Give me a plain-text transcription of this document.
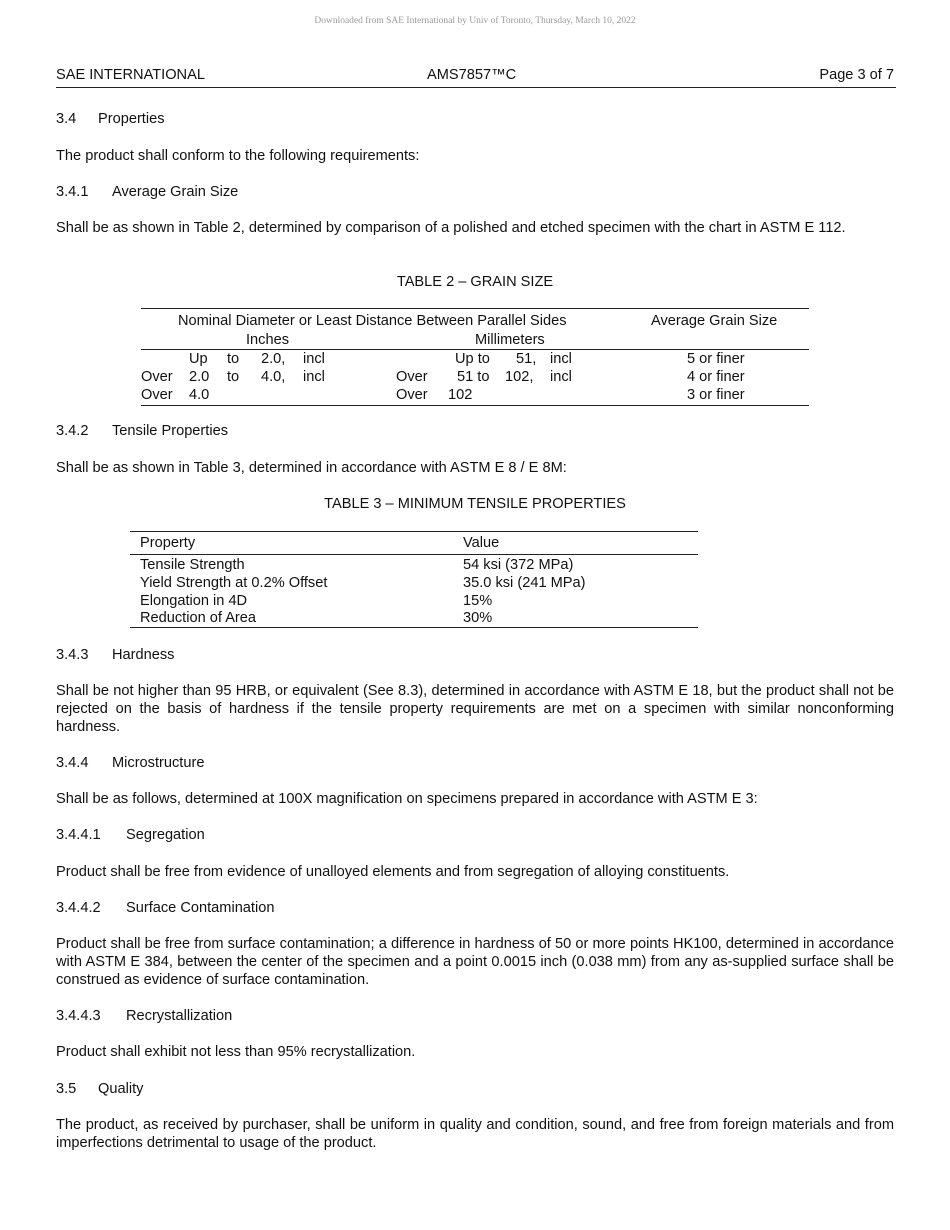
Downloaded from SAE International by Univ of Toronto, Thursday, March 10, 2022
SAE INTERNATIONAL	AMS7857™C	Page 3 of 7
3.4 Properties
The product shall conform to the following requirements:
3.4.1 Average Grain Size
Shall be as shown in Table 2, determined by comparison of a polished and etched specimen with the chart in ASTM E 112.
TABLE 2 – GRAIN SIZE
Nominal Diameter or Least Distance Between Parallel Sides	Average Grain Size
Inches	Millimeters
Up to 2.0, incl	Up to 51, incl	5 or finer
Over 2.0 to 4.0, incl	Over 51 to 102, incl	4 or finer
Over 4.0	Over 102	3 or finer
3.4.2 Tensile Properties
Shall be as shown in Table 3, determined in accordance with ASTM E 8 / E 8M:
TABLE 3 – MINIMUM TENSILE PROPERTIES
Property	Value
Tensile Strength	54 ksi (372 MPa)
Yield Strength at 0.2% Offset	35.0 ksi (241 MPa)
Elongation in 4D	15%
Reduction of Area	30%
3.4.3 Hardness
Shall be not higher than 95 HRB, or equivalent (See 8.3), determined in accordance with ASTM E 18, but the product shall not be rejected on the basis of hardness if the tensile property requirements are met on a specimen with similar nonconforming hardness.
3.4.4 Microstructure
Shall be as follows, determined at 100X magnification on specimens prepared in accordance with ASTM E 3:
3.4.4.1 Segregation
Product shall be free from evidence of unalloyed elements and from segregation of alloying constituents.
3.4.4.2 Surface Contamination
Product shall be free from surface contamination; a difference in hardness of 50 or more points HK100, determined in accordance with ASTM E 384, between the center of the specimen and a point 0.0015 inch (0.038 mm) from any as-supplied surface shall be construed as evidence of surface contamination.
3.4.4.3 Recrystallization
Product shall exhibit not less than 95% recrystallization.
3.5 Quality
The product, as received by purchaser, shall be uniform in quality and condition, sound, and free from foreign materials and from imperfections detrimental to usage of the product.
